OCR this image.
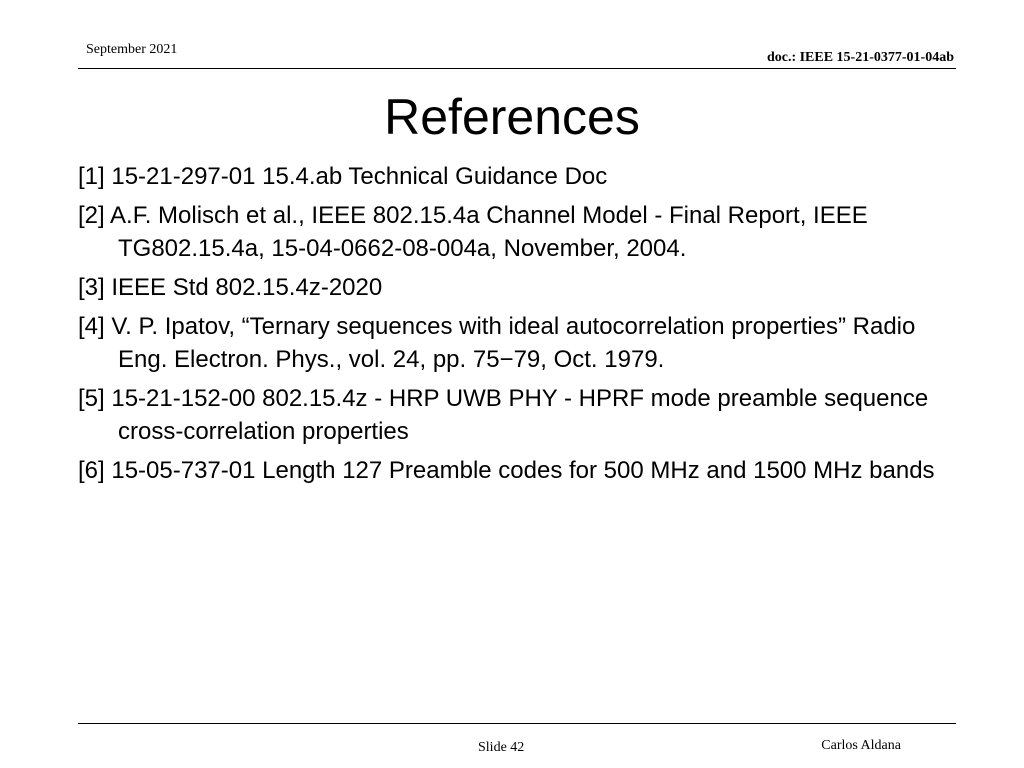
September 2021
doc.: IEEE 15-21-0377-01-04ab
References
[1] 15-21-297-01 15.4.ab Technical Guidance Doc
[2] A.F. Molisch et al., IEEE 802.15.4a Channel Model - Final Report, IEEE TG802.15.4a, 15-04-0662-08-004a, November, 2004.
[3] IEEE Std 802.15.4z-2020
[4] V. P. Ipatov, “Ternary sequences with ideal autocorrelation properties” Radio Eng. Electron. Phys., vol. 24, pp. 75−79, Oct. 1979.
[5] 15-21-152-00 802.15.4z - HRP UWB PHY - HPRF mode preamble sequence cross-correlation properties
[6] 15-05-737-01 Length 127 Preamble codes for 500 MHz and 1500 MHz bands
Slide 42	Carlos Aldana
